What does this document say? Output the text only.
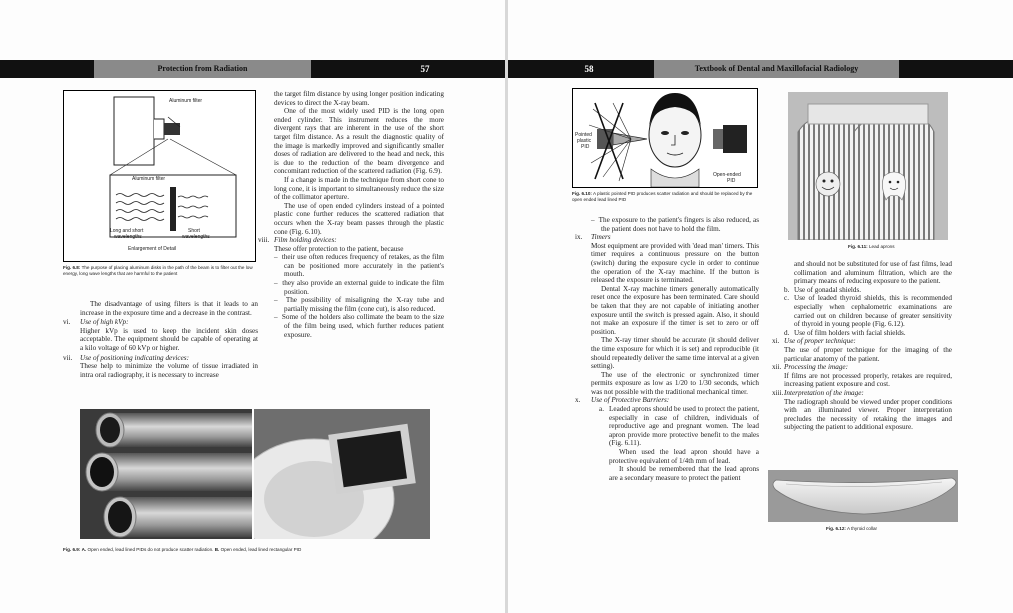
Protection from Radiation	57
Aluminum filter
Aluminum filter
Long and short
wavelengths
Short
wavelengths
Enlargement of Detail
Fig. 6.8: The purpose of placing aluminum disks in the path of the beam is to filter out the low energy, long wave lengths that are harmful to the patient

The disadvantage of using filters is that it leads to an increase in the exposure time and a decrease in the contrast.

vi. Use of high kVp:

Higher kVp is used to keep the incident skin doses acceptable. The equipment should be capable of operating at a kilo voltage of 60 kVp or higher.

vii. Use of positioning indicating devices:

These help to minimize the volume of tissue irradiated in intra oral radiography, it is necessary to increase

the target film distance by using longer position indicating devices to direct the X-ray beam.

One of the most widely used PID is the long open ended cylinder. This instrument reduces the more divergent rays that are inherent in the use of the short target film distance. As a result the diagnostic quality of the image is markedly improved and significantly smaller doses of radiation are delivered to the head and neck, this is due to the reduction of the beam divergence and concomitant reduction of the scattered radiation (Fig. 6.9).

If a change is made in the technique from short cone to long cone, it is important to simultaneously reduce the size of the collimator aperture.

The use of open ended cylinders instead of a pointed plastic cone further reduces the scattered radiation that occurs when the X-ray beam passes through the plastic cone (Fig. 6.10).

viii. Film holding devices:

These offer protection to the patient, because

–  their use often reduces frequency of retakes, as the film can be positioned more accurately in the patient's mouth.

–  they also provide an external guide to indicate the film position.

–  The possibility of misaligning the X-ray tube and partially missing the film (cone cut), is also reduced.

–  Some of the holders also collimate the beam to the size of the film being used, which further reduces patient exposure.

Fig. 6.9: A. Open ended, lead lined PIDs do not produce scatter radiation. B. Open ended, lead lined rectangular PID
58	Textbook of Dental and Maxillofacial Radiology
Pointed
plastic
PID
Open-ended
PID
Fig. 6.10: A plastic pointed PID produces scatter radiation and should be replaced by the open ended lead lined PID

–  The exposure to the patient's fingers is also reduced, as the patient does not have to hold the film.

ix. Timers

Most equipment are provided with 'dead man' timers. This timer requires a continuous pressure on the button (switch) during the exposure cycle in order to continue the operation of the X-ray machine. If the button is released the exposure is terminated.

Dental X-ray machine timers generally automatically reset once the exposure has been terminated. Care should be taken that they are not capable of initiating another exposure until the switch is pressed again. Also, it should not make an exposure if the timer is set to zero or off position.

The X-ray timer should be accurate (it should deliver the time exposure for which it is set) and reproducible (it should repeatedly deliver the same time interval at a given setting).

The use of the electronic or synchronized timer permits exposure as low as 1/20 to 1/30 seconds, which was not possible with the traditional mechanical timer.

x. Use of Protective Barriers:

a. Leaded aprons should be used to protect the patient, especially in case of children, individuals of reproductive age and pregnant women. The lead apron provide more protective benefit to the males (Fig. 6.11).

When used the lead apron should have a protective equivalent of 1/4th mm of lead.

It should be remembered that the lead aprons are a secondary measure to protect the patient

Fig. 6.11: Lead aprons

and should not be substituted for use of fast films, lead collimation and aluminum filtration, which are the primary means of reducing exposure to the patient.

b. Use of gonadal shields.

c. Use of leaded thyroid shields, this is recommended especially when cephalometric examinations are carried out on children because of greater sensitivity of thyroid in young people (Fig. 6.12).

d. Use of film holders with facial shields.

xi. Use of proper technique:

The use of proper technique for the imaging of the particular anatomy of the patient.

xii. Processing the image:

If films are not processed properly, retakes are required, increasing patient exposure and cost.

xiii.Interpretation of the image:

The radiograph should be viewed under proper conditions with an illuminated viewer. Proper interpretation precludes the necessity of retaking the images and subjecting the patient to additional exposure.

Fig. 6.12: A thyroid collar
